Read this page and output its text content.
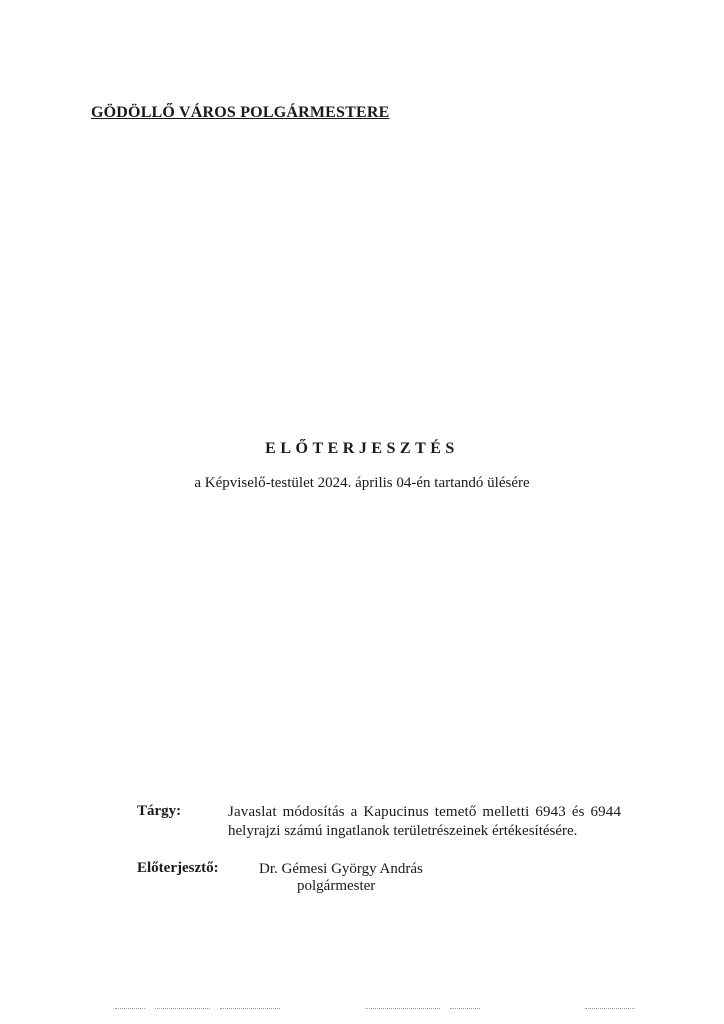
GÖDÖLLŐ VÁROS POLGÁRMESTERE
ELŐTERJESZTÉS
a Képviselő-testület 2024. április 04-én tartandó ülésére
Tárgy:	Javaslat módosítás a Kapucinus temető melletti 6943 és 6944
helyrajzi számú ingatlanok területrészeinek értékesítésére.
Előterjesztő:	Dr. Gémesi György András
polgármester
